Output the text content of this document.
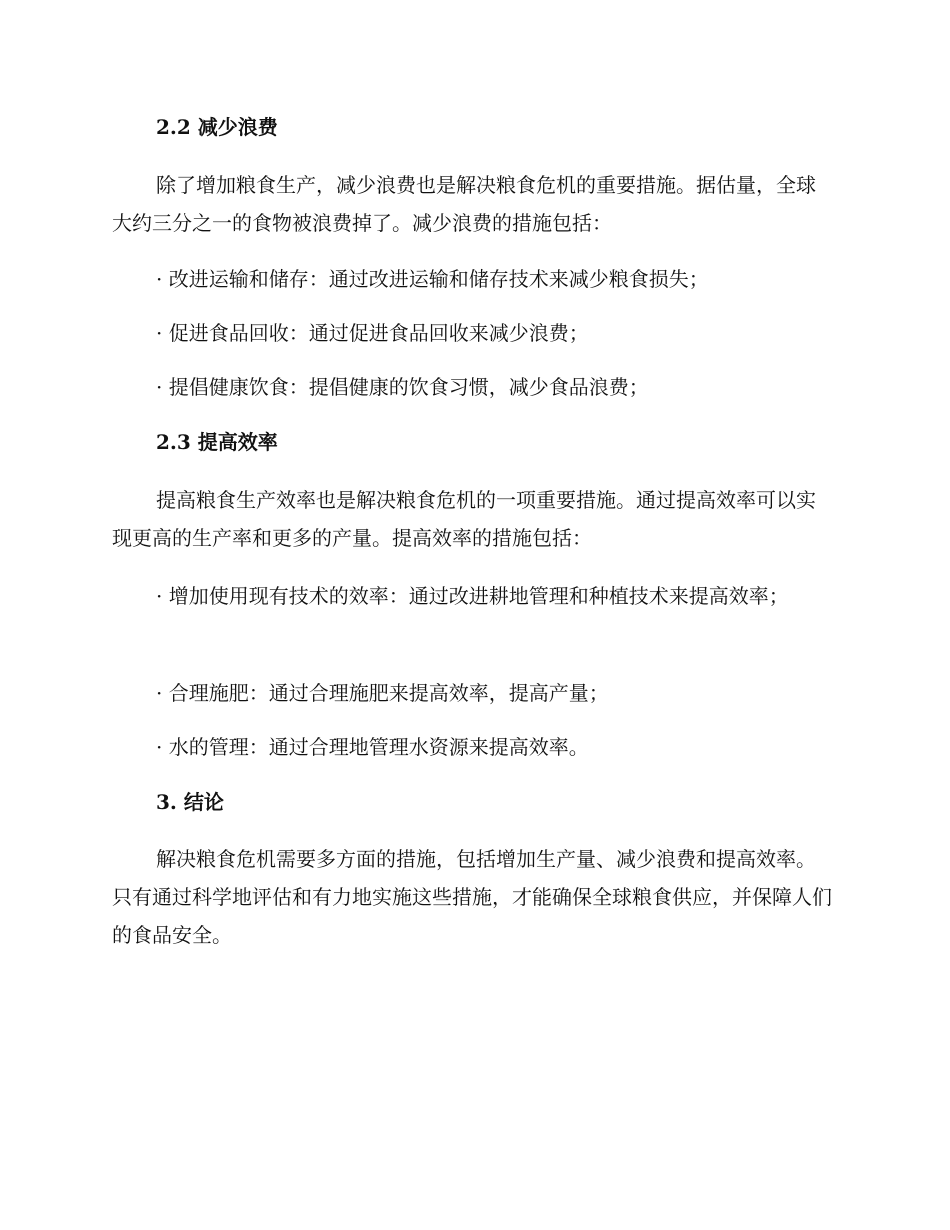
2.2 减少浪费
除了增加粮食生产，减少浪费也是解决粮食危机的重要措施。据估量，全球大约三分之一的食物被浪费掉了。减少浪费的措施包括：
· 改进运输和储存：通过改进运输和储存技术来减少粮食损失；
· 促进食品回收：通过促进食品回收来减少浪费；
· 提倡健康饮食：提倡健康的饮食习惯，减少食品浪费；
2.3 提高效率
提高粮食生产效率也是解决粮食危机的一项重要措施。通过提高效率可以实现更高的生产率和更多的产量。提高效率的措施包括：
· 增加使用现有技术的效率：通过改进耕地管理和种植技术来提高效率；
· 合理施肥：通过合理施肥来提高效率，提高产量；
· 水的管理：通过合理地管理水资源来提高效率。
3. 结论
解决粮食危机需要多方面的措施，包括增加生产量、减少浪费和提高效率。只有通过科学地评估和有力地实施这些措施，才能确保全球粮食供应，并保障人们的食品安全。
